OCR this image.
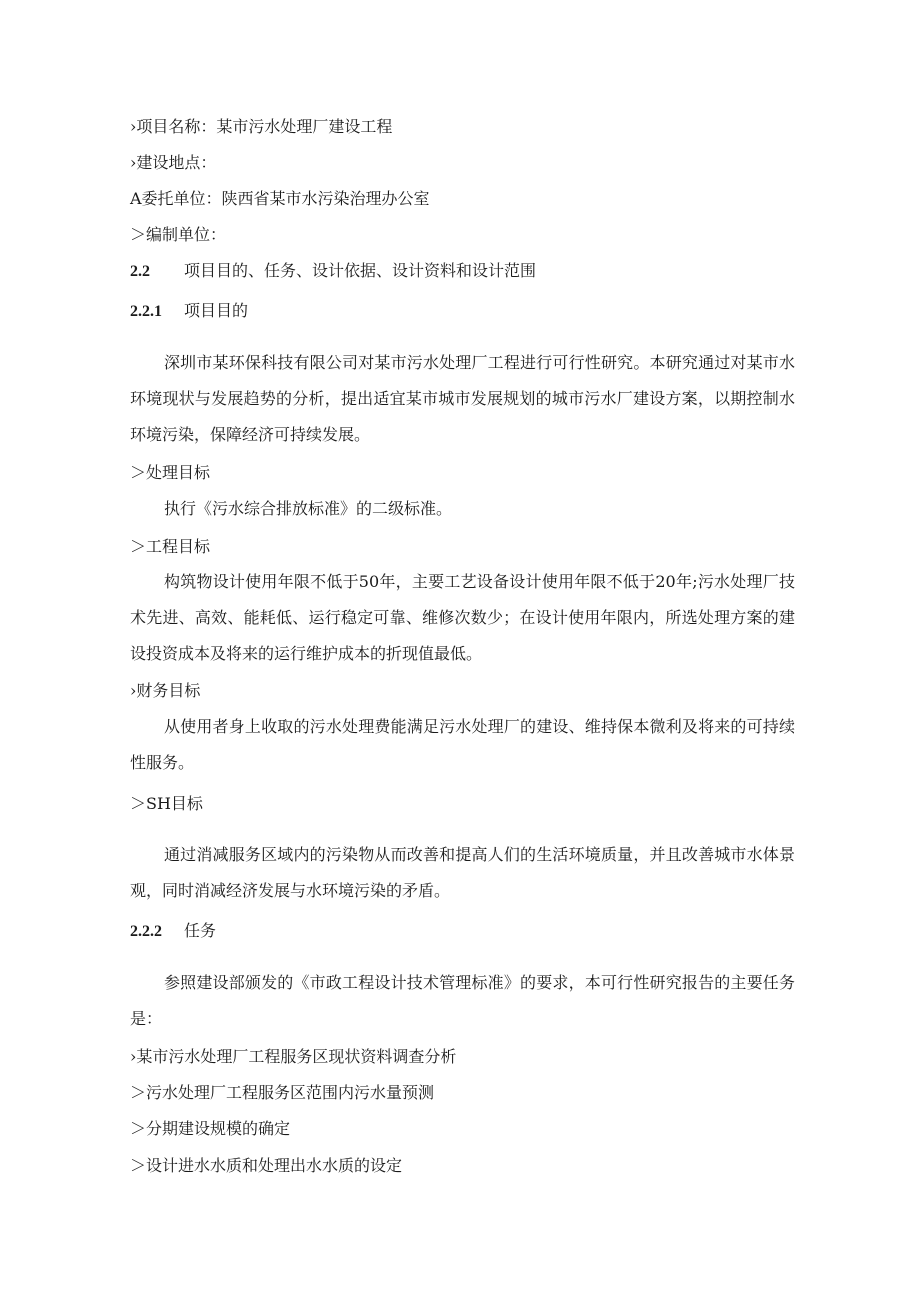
›项目名称：某市污水处理厂建设工程
›建设地点：
A委托单位：陕西省某市水污染治理办公室
＞编制单位：
2.2 项目目的、任务、设计依据、设计资料和设计范围
2.2.1 项目目的
深圳市某环保科技有限公司对某市污水处理厂工程进行可行性研究。本研究通过对某市水环境现状与发展趋势的分析，提出适宜某市城市发展规划的城市污水厂建设方案，以期控制水环境污染，保障经济可持续发展。
＞处理目标
执行《污水综合排放标准》的二级标准。
＞工程目标
构筑物设计使用年限不低于50年，主要工艺设备设计使用年限不低于20年;污水处理厂技术先进、高效、能耗低、运行稳定可靠、维修次数少；在设计使用年限内，所选处理方案的建设投资成本及将来的运行维护成本的折现值最低。
›财务目标
从使用者身上收取的污水处理费能满足污水处理厂的建设、维持保本微利及将来的可持续性服务。
＞SH目标
通过消减服务区域内的污染物从而改善和提高人们的生活环境质量，并且改善城市水体景观，同时消减经济发展与水环境污染的矛盾。
2.2.2 任务
参照建设部颁发的《市政工程设计技术管理标准》的要求，本可行性研究报告的主要任务是：
›某市污水处理厂工程服务区现状资料调查分析
＞污水处理厂工程服务区范围内污水量预测
＞分期建设规模的确定
＞设计进水水质和处理出水水质的设定
